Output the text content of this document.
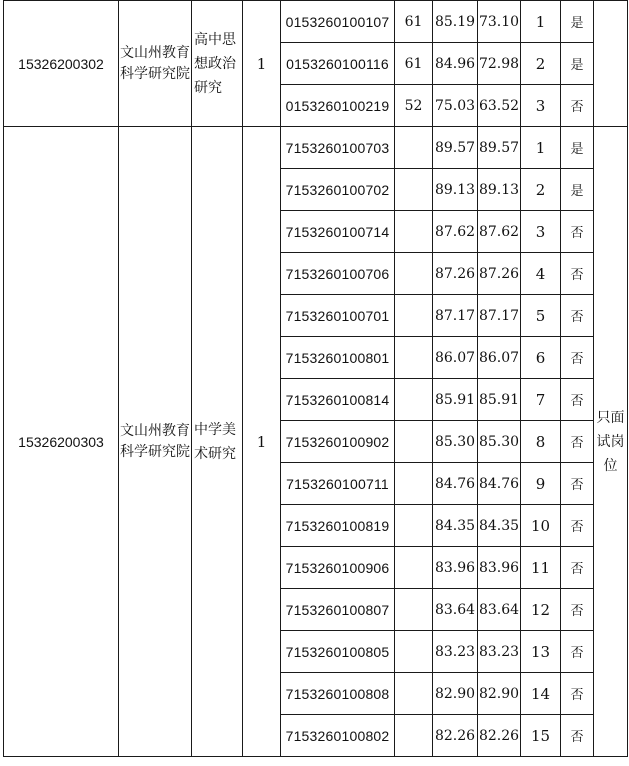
15326200302	文山州教育科学研究院	高中思想政治研究	1	0153260100107	61	85.19	73.10	1	是	
				0153260100116	61	84.96	72.98	2	是	
				0153260100219	52	75.03	63.52	3	否	
15326200303	文山州教育科学研究院	中学美术研究	1	7153260100703		89.57	89.57	1	是	只面试岗位
				7153260100702		89.13	89.13	2	是	
				7153260100714		87.62	87.62	3	否	
				7153260100706		87.26	87.26	4	否	
				7153260100701		87.17	87.17	5	否	
				7153260100801		86.07	86.07	6	否	
				7153260100814		85.91	85.91	7	否	
				7153260100902		85.30	85.30	8	否	
				7153260100711		84.76	84.76	9	否	
				7153260100819		84.35	84.35	10	否	
				7153260100906		83.96	83.96	11	否	
				7153260100807		83.64	83.64	12	否	
				7153260100805		83.23	83.23	13	否	
				7153260100808		82.90	82.90	14	否	
				7153260100802		82.26	82.26	15	否	
